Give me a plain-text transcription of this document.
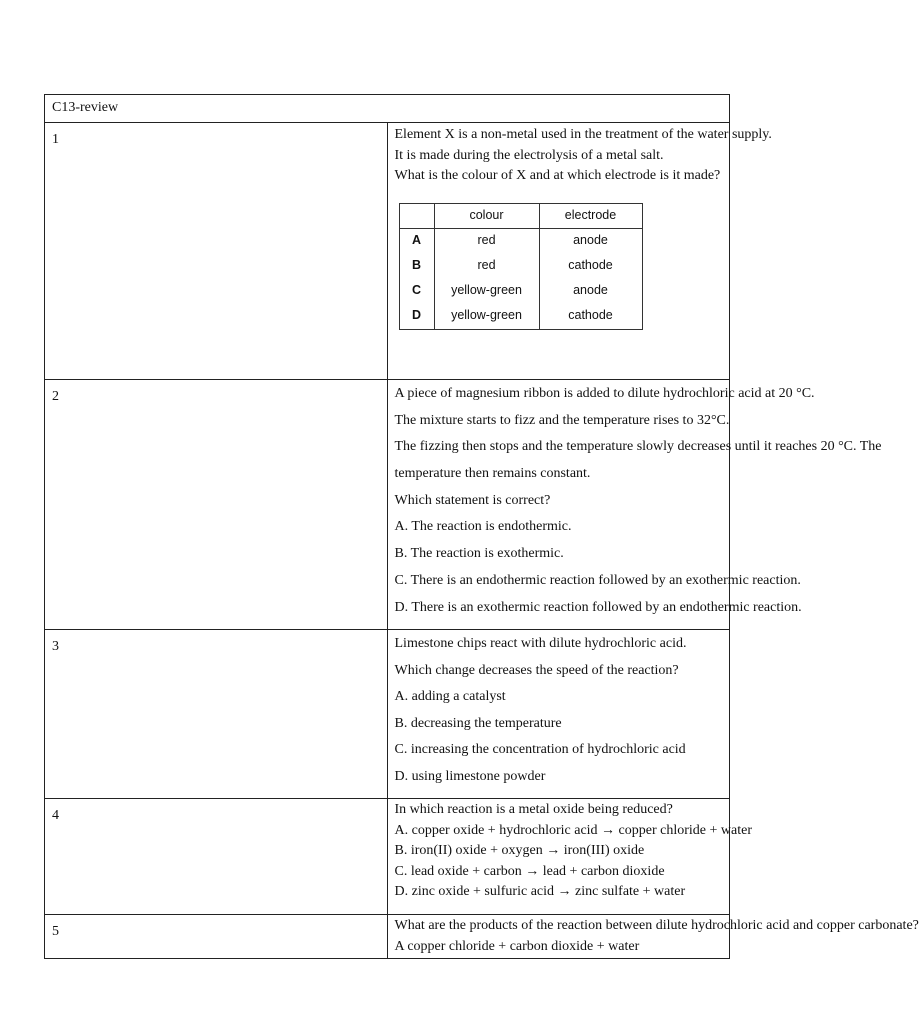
C13-review
1	Element X is a non-metal used in the treatment of the water supply.
It is made during the electrolysis of a metal salt.
What is the colour of X and at which electrode is it made?
	colour	electrode
A	red	anode
B	red	cathode
C	yellow-green	anode
D	yellow-green	cathode

2	A piece of magnesium ribbon is added to dilute hydrochloric acid at 20 °C.
The mixture starts to fizz and the temperature rises to 32°C.
The fizzing then stops and the temperature slowly decreases until it reaches 20 °C. The
temperature then remains constant.
Which statement is correct?
A. The reaction is endothermic.
B. The reaction is exothermic.
C. There is an endothermic reaction followed by an exothermic reaction.
D. There is an exothermic reaction followed by an endothermic reaction.

3	Limestone chips react with dilute hydrochloric acid.
Which change decreases the speed of the reaction?
A. adding a catalyst
B. decreasing the temperature
C. increasing the concentration of hydrochloric acid
D. using limestone powder

4	In which reaction is a metal oxide being reduced?
A. copper oxide + hydrochloric acid → copper chloride + water
B. iron(II) oxide + oxygen → iron(III) oxide
C. lead oxide + carbon → lead + carbon dioxide
D. zinc oxide + sulfuric acid → zinc sulfate + water

5	What are the products of the reaction between dilute hydrochloric acid and copper carbonate?
A copper chloride + carbon dioxide + water
